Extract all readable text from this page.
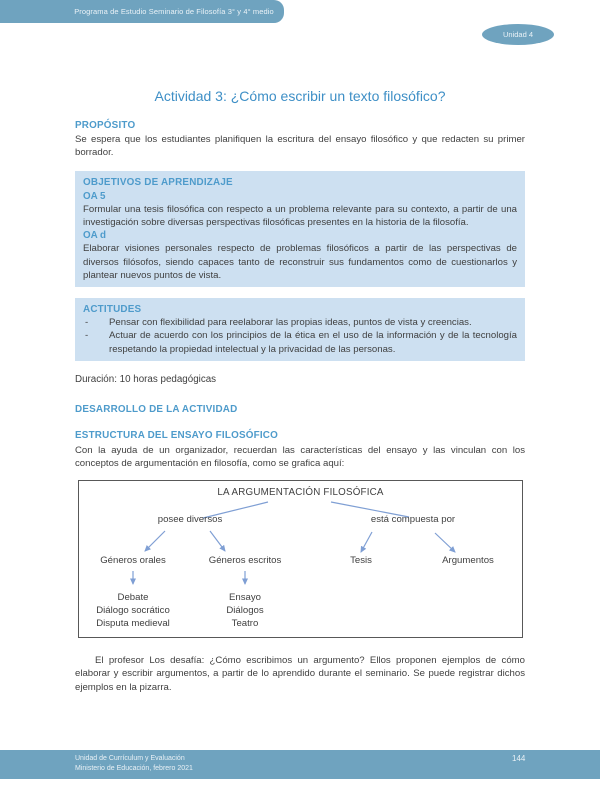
Programa de Estudio Seminario de Filosofía 3° y 4° medio
Unidad 4
Actividad 3: ¿Cómo escribir un texto filosófico?
PROPÓSITO
Se espera que los estudiantes planifiquen la escritura del ensayo filosófico y que redacten su primer borrador.
OBJETIVOS DE APRENDIZAJE
OA 5
Formular una tesis filosófica con respecto a un problema relevante para su contexto, a partir de una investigación sobre diversas perspectivas filosóficas presentes en la historia de la filosofía.
OA d
Elaborar visiones personales respecto de problemas filosóficos a partir de las perspectivas de diversos filósofos, siendo capaces tanto de reconstruir sus fundamentos como de cuestionarlos y plantear nuevos puntos de vista.
ACTITUDES
-	Pensar con flexibilidad para reelaborar las propias ideas, puntos de vista y creencias.
-	Actuar de acuerdo con los principios de la ética en el uso de la información y de la tecnología respetando la propiedad intelectual y la privacidad de las personas.
Duración: 10 horas pedagógicas
DESARROLLO DE LA ACTIVIDAD
ESTRUCTURA DEL ENSAYO FILOSÓFICO
Con la ayuda de un organizador, recuerdan las características del ensayo y las vinculan con los conceptos de argumentación en filosofía, como se grafica aquí:
LA ARGUMENTACIÓN FILOSÓFICA
posee diversos	está compuesta por
Géneros orales	Géneros escritos	Tesis	Argumentos
Debate
Diálogo socrático
Disputa medieval
Ensayo
Diálogos
Teatro
El profesor Los desafía: ¿Cómo escribimos un argumento? Ellos proponen ejemplos de cómo elaborar y escribir argumentos, a partir de lo aprendido durante el seminario. Se puede registrar dichos ejemplos en la pizarra.
Unidad de Currículum y Evaluación
Ministerio de Educación, febrero 2021
144
